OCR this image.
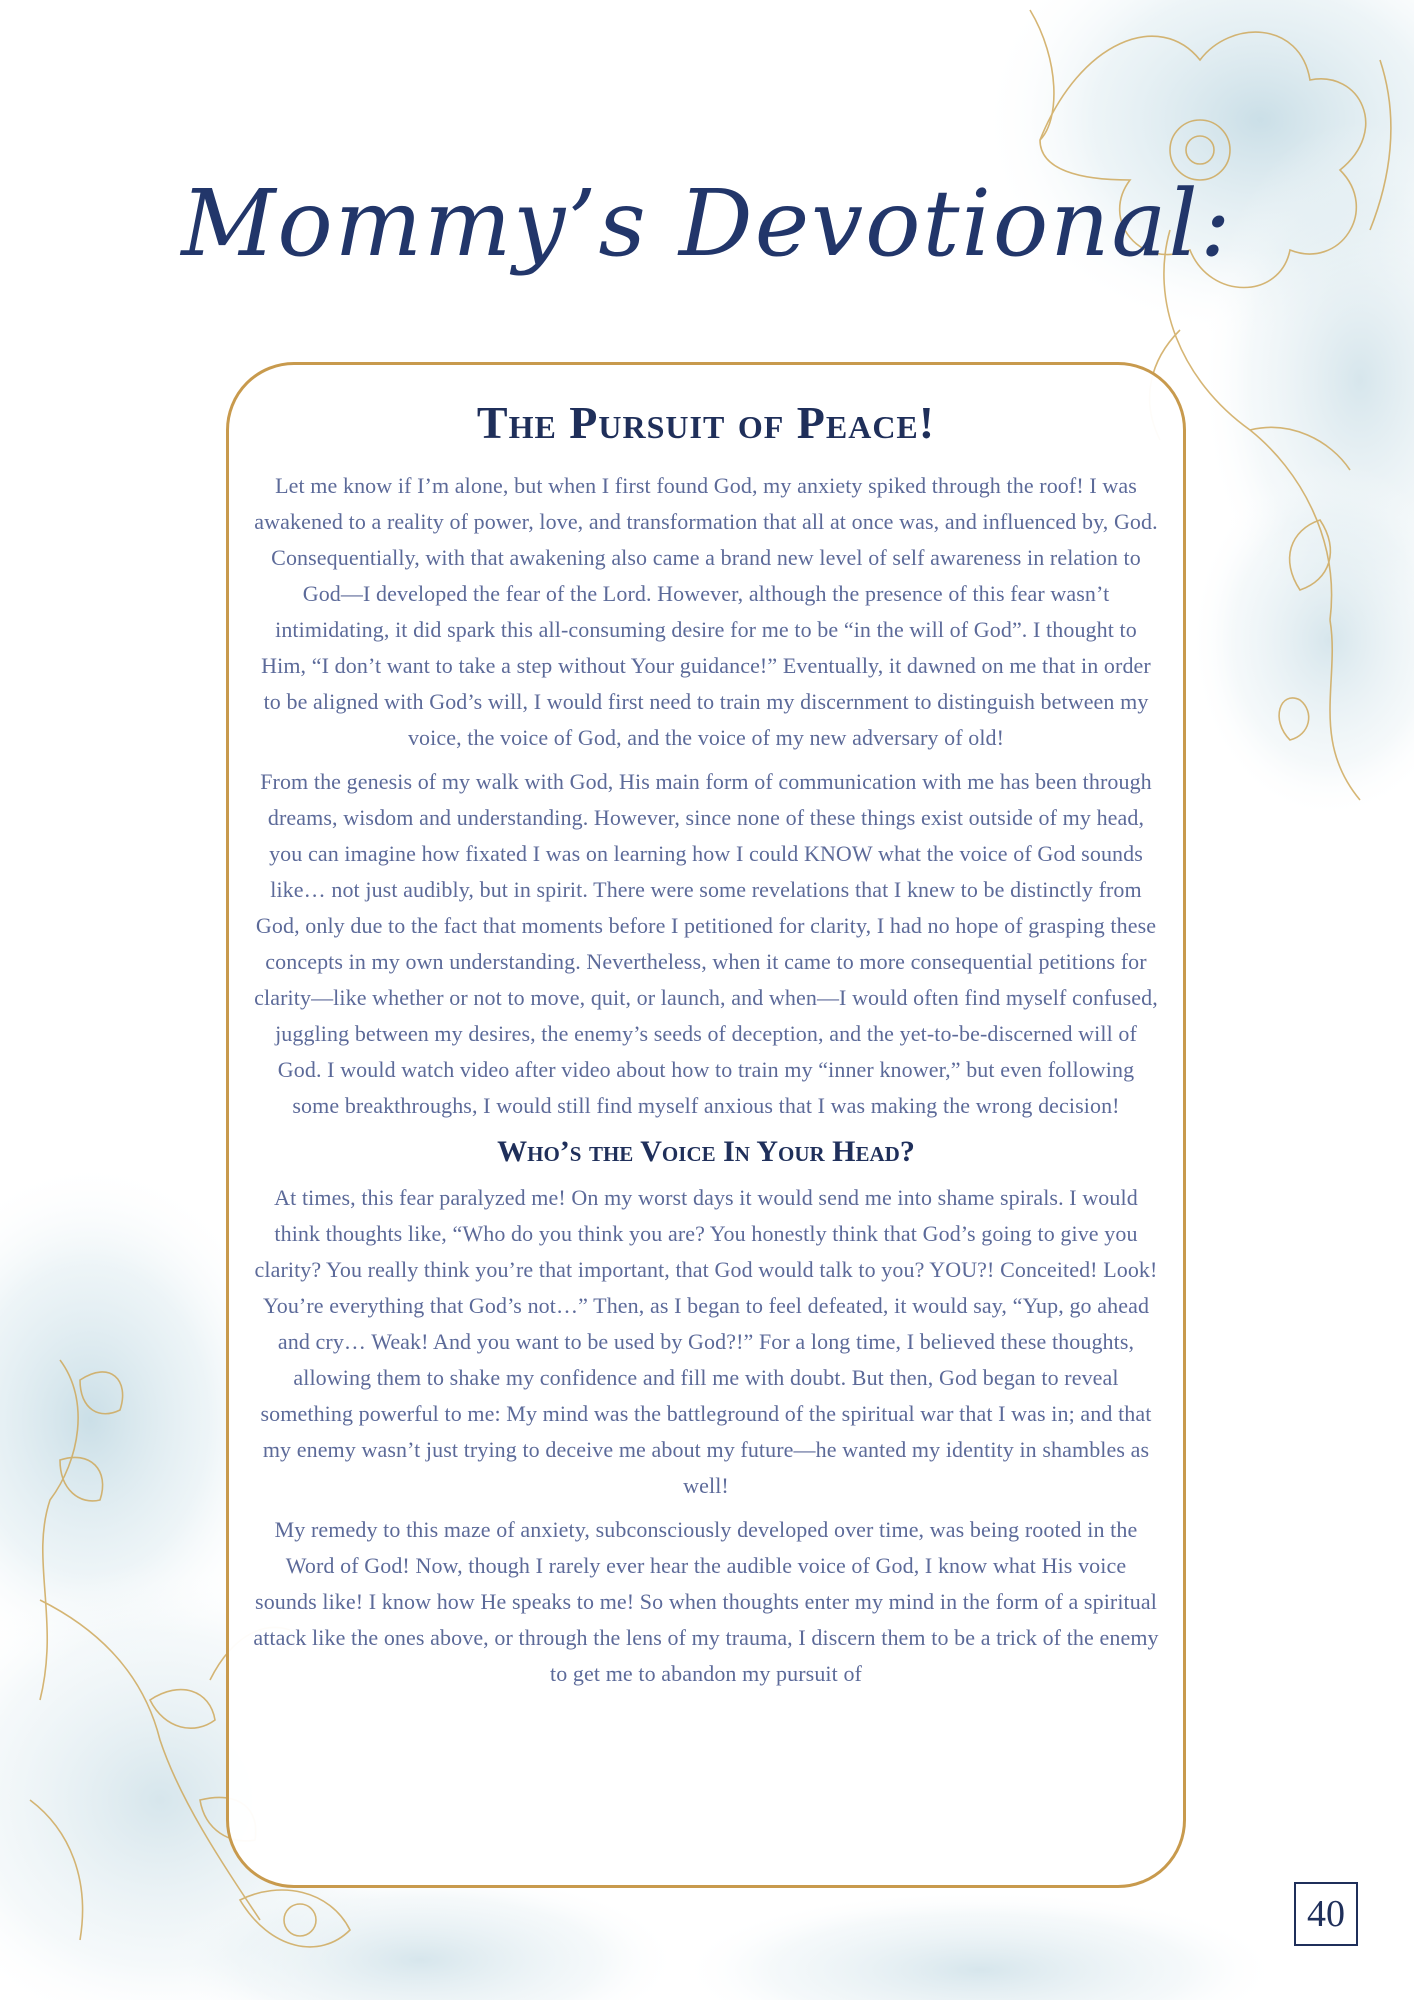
Mommy’s Devotional:
The Pursuit of Peace!

Let me know if I’m alone, but when I first found God, my anxiety spiked through the roof! I was awakened to a reality of power, love, and transformation that all at once was, and influenced by, God. Consequentially, with that awakening also came a brand new level of self awareness in relation to God—I developed the fear of the Lord. However, although the presence of this fear wasn’t intimidating, it did spark this all-consuming desire for me to be “in the will of God”. I thought to Him, “I don’t want to take a step without Your guidance!” Eventually, it dawned on me that in order to be aligned with God’s will, I would first need to train my discernment to distinguish between my voice, the voice of God, and the voice of my new adversary of old!

From the genesis of my walk with God, His main form of communication with me has been through dreams, wisdom and understanding. However, since none of these things exist outside of my head, you can imagine how fixated I was on learning how I could KNOW what the voice of God sounds like… not just audibly, but in spirit. There were some revelations that I knew to be distinctly from God, only due to the fact that moments before I petitioned for clarity, I had no hope of grasping these concepts in my own understanding. Nevertheless, when it came to more consequential petitions for clarity—like whether or not to move, quit, or launch, and when—I would often find myself confused, juggling between my desires, the enemy’s seeds of deception, and the yet-to-be-discerned will of God. I would watch video after video about how to train my “inner knower,” but even following some breakthroughs, I would still find myself anxious that I was making the wrong decision!

Who’s the Voice In Your Head?

At times, this fear paralyzed me! On my worst days it would send me into shame spirals. I would think thoughts like, “Who do you think you are? You honestly think that God’s going to give you clarity? You really think you’re that important, that God would talk to you? YOU?! Conceited! Look! You’re everything that God’s not…” Then, as I began to feel defeated, it would say, “Yup, go ahead and cry… Weak! And you want to be used by God?!” For a long time, I believed these thoughts, allowing them to shake my confidence and fill me with doubt. But then, God began to reveal something powerful to me: My mind was the battleground of the spiritual war that I was in; and that my enemy wasn’t just trying to deceive me about my future—he wanted my identity in shambles as well!

My remedy to this maze of anxiety, subconsciously developed over time, was being rooted in the Word of God! Now, though I rarely ever hear the audible voice of God, I know what His voice sounds like! I know how He speaks to me! So when thoughts enter my mind in the form of a spiritual attack like the ones above, or through the lens of my trauma, I discern them to be a trick of the enemy to get me to abandon my pursuit of

40
